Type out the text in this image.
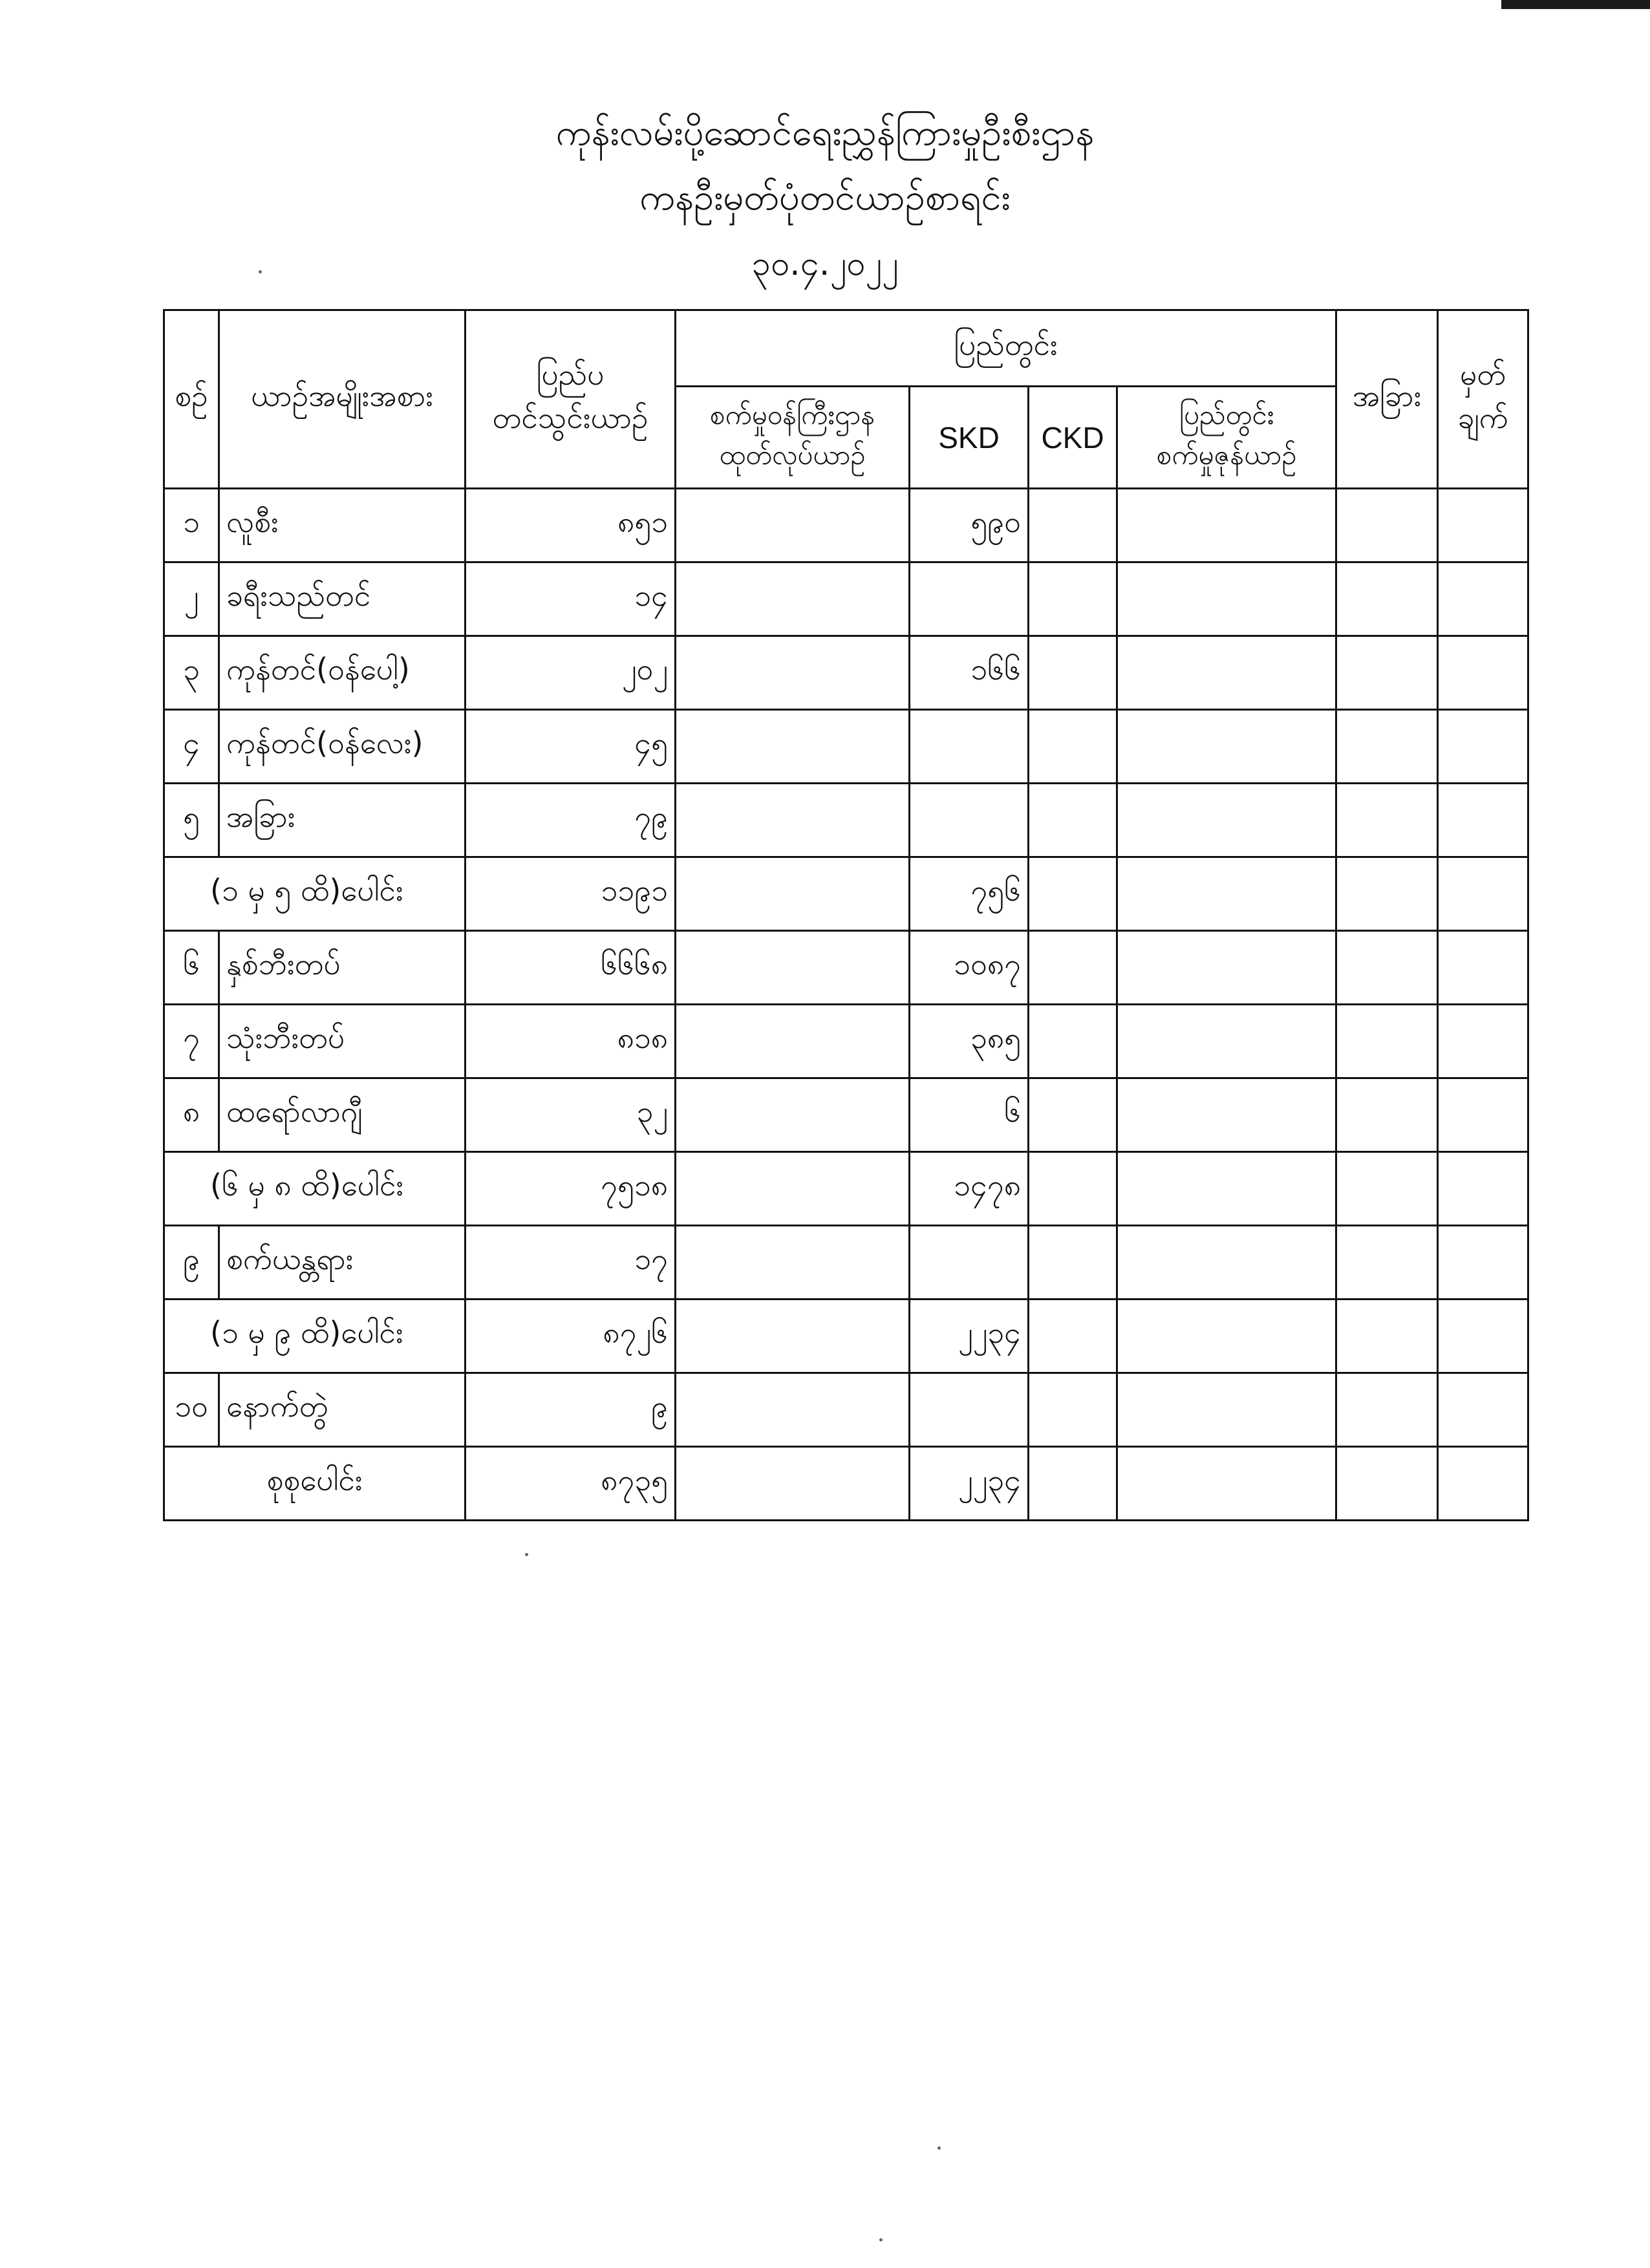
ကုန်းလမ်းပို့ဆောင်ရေးညွှန်ကြားမှုဦးစီးဌာန
ကနဦးမှတ်ပုံတင်ယာဉ်စာရင်း
၃၀.၄.၂၀၂၂
စဉ်	ယာဉ်အမျိုးအစား	ပြည်ပ
တင်သွင်းယာဉ်	ပြည်တွင်း				အခြား	မှတ်
ချက်
			စက်မှုဝန်ကြီးဌာန
ထုတ်လုပ်ယာဉ်	SKD	CKD	ပြည်တွင်း
စက်မှုဇုန်ယာဉ်		
၁	လူစီး	၈၅၁		၅၉၀				
၂	ခရီးသည်တင်	၁၄						
၃	ကုန်တင်(ဝန်ပေါ့)	၂၀၂		၁၆၆				
၄	ကုန်တင်(ဝန်လေး)	၄၅						
၅	အခြား	၇၉						
(၁ မှ ၅ ထိ)ပေါင်း		၁၁၉၁		၇၅၆				
၆	နှစ်ဘီးတပ်	၆၆၆၈		၁၀၈၇				
၇	သုံးဘီးတပ်	၈၁၈		၃၈၅				
၈	ထရော်လာဂျီ	၃၂		၆				
(၆ မှ ၈ ထိ)ပေါင်း		၇၅၁၈		၁၄၇၈				
၉	စက်ယန္တရား	၁၇						
(၁ မှ ၉ ထိ)ပေါင်း		၈၇၂၆		၂၂၃၄				
၁၀	နောက်တွဲ	၉						
စုစုပေါင်း		၈၇၃၅		၂၂၃၄				
